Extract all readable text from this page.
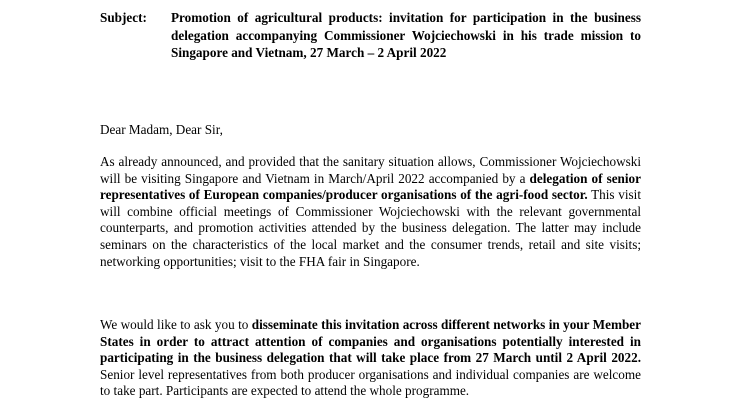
Subject: Promotion of agricultural products: invitation for participation in the business delegation accompanying Commissioner Wojciechowski in his trade mission to Singapore and Vietnam, 27 March – 2 April 2022
Dear Madam, Dear Sir,
As already announced, and provided that the sanitary situation allows, Commissioner Wojciechowski will be visiting Singapore and Vietnam in March/April 2022 accompanied by a delegation of senior representatives of European companies/producer organisations of the agri-food sector. This visit will combine official meetings of Commissioner Wojciechowski with the relevant governmental counterparts, and promotion activities attended by the business delegation. The latter may include seminars on the characteristics of the local market and the consumer trends, retail and site visits; networking opportunities; visit to the FHA fair in Singapore.
We would like to ask you to disseminate this invitation across different networks in your Member States in order to attract attention of companies and organisations potentially interested in participating in the business delegation that will take place from 27 March until 2 April 2022. Senior level representatives from both producer organisations and individual companies are welcome to take part. Participants are expected to attend the whole programme.
